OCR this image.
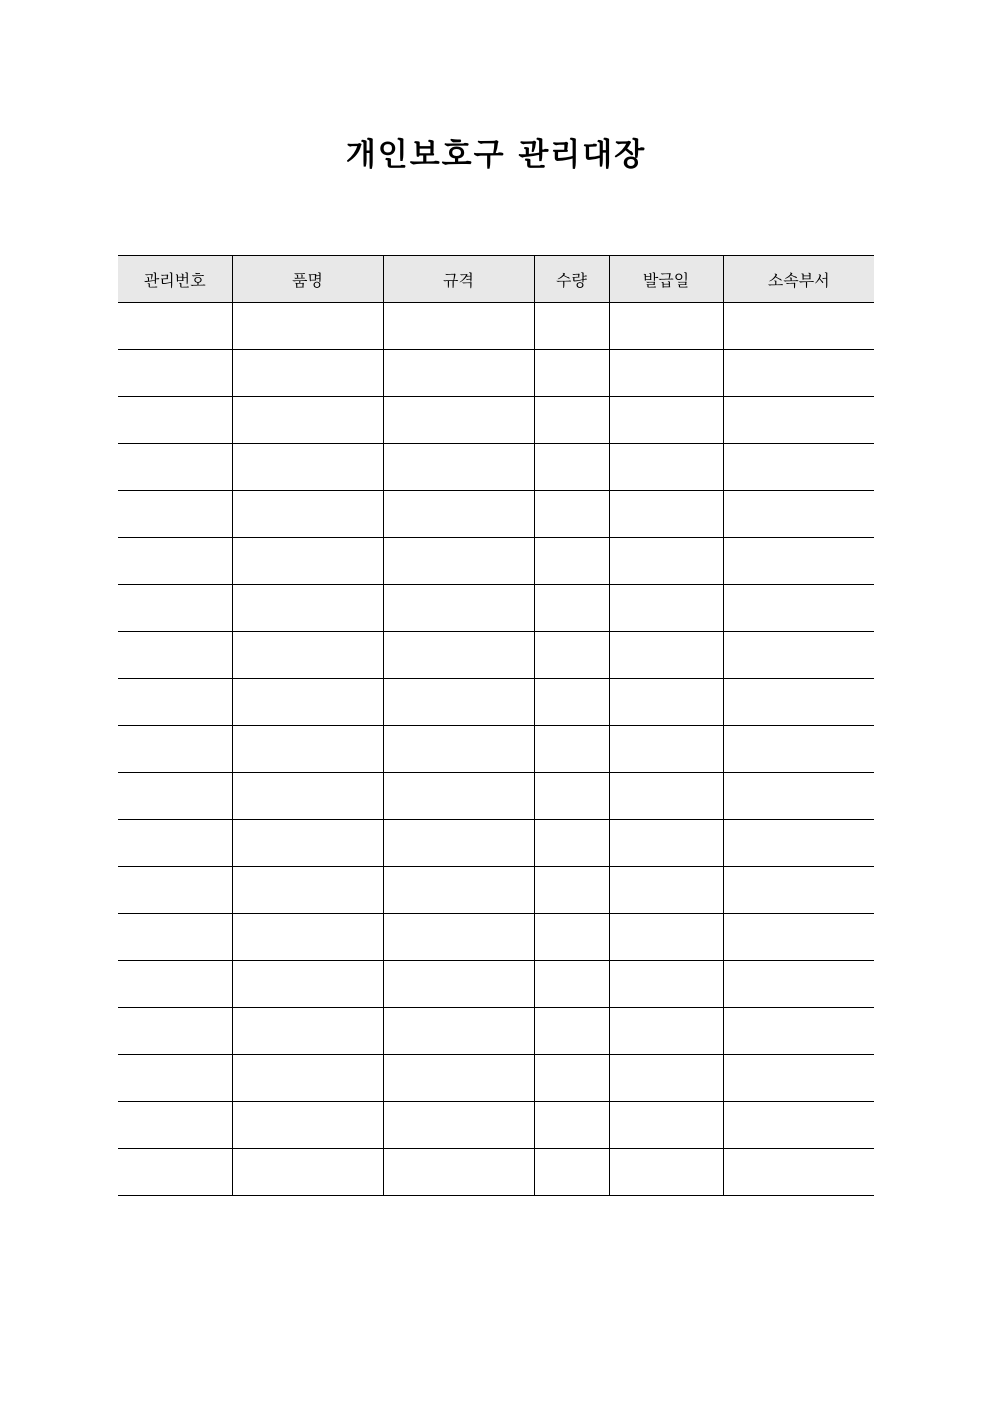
개인보호구 관리대장
관리번호	품명	규격	수량	발급일	소속부서
